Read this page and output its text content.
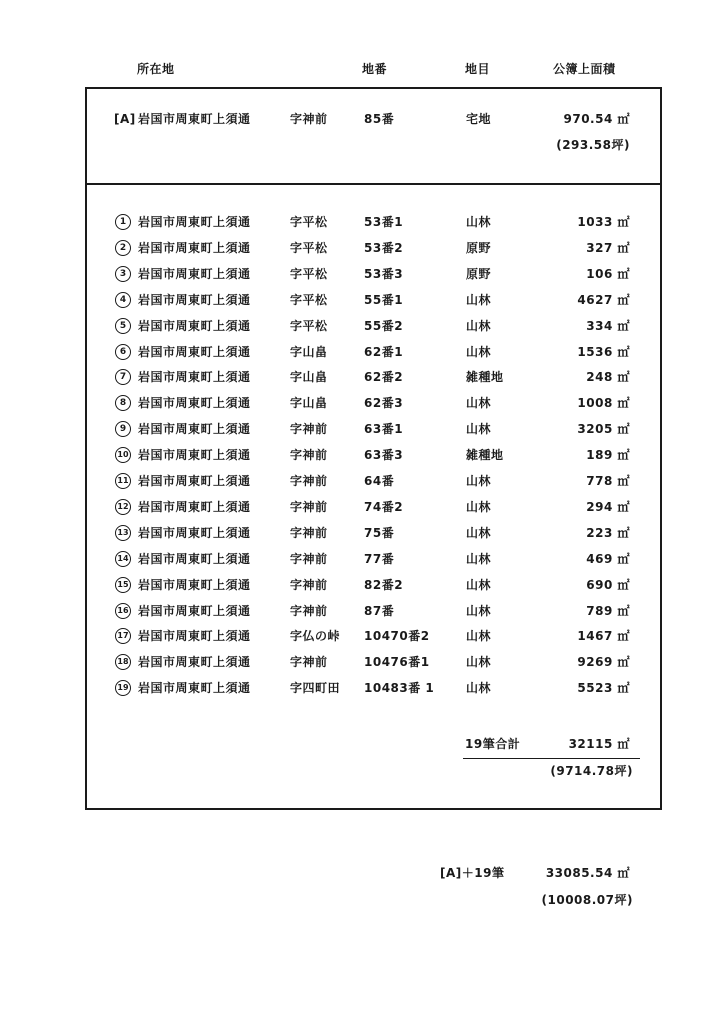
所在地	地番	地目	公簿上面積
[A] 岩国市周東町上須通	字神前	85番	宅地	970.54 ㎡
(293.58坪)
1 岩国市周東町上須通	字平松	53番1	山林	1033 ㎡
2 岩国市周東町上須通	字平松	53番2	原野	327 ㎡
3 岩国市周東町上須通	字平松	53番3	原野	106 ㎡
4 岩国市周東町上須通	字平松	55番1	山林	4627 ㎡
5 岩国市周東町上須通	字平松	55番2	山林	334 ㎡
6 岩国市周東町上須通	字山畠	62番1	山林	1536 ㎡
7 岩国市周東町上須通	字山畠	62番2	雑種地	248 ㎡
8 岩国市周東町上須通	字山畠	62番3	山林	1008 ㎡
9 岩国市周東町上須通	字神前	63番1	山林	3205 ㎡
10 岩国市周東町上須通	字神前	63番3	雑種地	189 ㎡
11 岩国市周東町上須通	字神前	64番	山林	778 ㎡
12 岩国市周東町上須通	字神前	74番2	山林	294 ㎡
13 岩国市周東町上須通	字神前	75番	山林	223 ㎡
14 岩国市周東町上須通	字神前	77番	山林	469 ㎡
15 岩国市周東町上須通	字神前	82番2	山林	690 ㎡
16 岩国市周東町上須通	字神前	87番	山林	789 ㎡
17 岩国市周東町上須通	字仏の峠 10470番2	山林	1467 ㎡
18 岩国市周東町上須通	字神前	10476番1	山林	9269 ㎡
19 岩国市周東町上須通	字四町田 10483番 1	山林	5523 ㎡
19筆合計	32115 ㎡
(9714.78坪)
[A]＋19筆	33085.54 ㎡
(10008.07坪)
